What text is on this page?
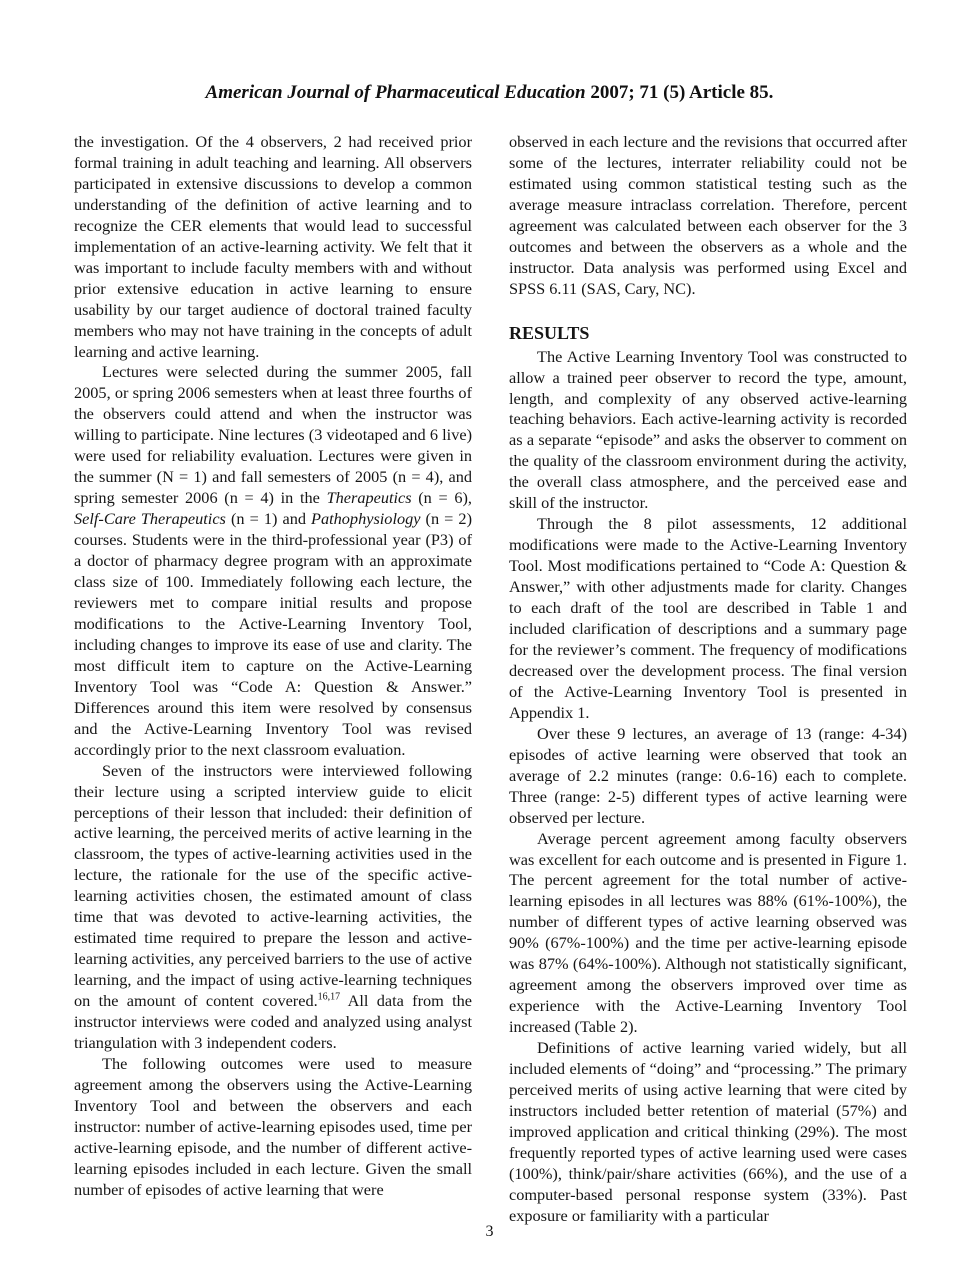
American Journal of Pharmaceutical Education 2007; 71 (5) Article 85.

the investigation. Of the 4 observers, 2 had received prior formal training in adult teaching and learning. All observers participated in extensive discussions to develop a common understanding of the definition of active learning and to recognize the CER elements that would lead to successful implementation of an active-learning activity. We felt that it was important to include faculty members with and without prior extensive education in active learning to ensure usability by our target audience of doctoral trained faculty members who may not have training in the concepts of adult learning and active learning.

Lectures were selected during the summer 2005, fall 2005, or spring 2006 semesters when at least three fourths of the observers could attend and when the instructor was willing to participate. Nine lectures (3 videotaped and 6 live) were used for reliability evaluation. Lectures were given in the summer (N = 1) and fall semesters of 2005 (n = 4), and spring semester 2006 (n = 4) in the Therapeutics (n = 6), Self-Care Therapeutics (n = 1) and Pathophysiology (n = 2) courses. Students were in the third-professional year (P3) of a doctor of pharmacy degree program with an approximate class size of 100. Immediately following each lecture, the reviewers met to compare initial results and propose modifications to the Active-Learning Inventory Tool, including changes to improve its ease of use and clarity. The most difficult item to capture on the Active-Learning Inventory Tool was “Code A: Question & Answer.” Differences around this item were resolved by consensus and the Active-Learning Inventory Tool was revised accordingly prior to the next classroom evaluation.

Seven of the instructors were interviewed following their lecture using a scripted interview guide to elicit perceptions of their lesson that included: their definition of active learning, the perceived merits of active learning in the classroom, the types of active-learning activities used in the lecture, the rationale for the use of the specific active-learning activities chosen, the estimated amount of class time that was devoted to active-learning activities, the estimated time required to prepare the lesson and active-learning activities, any perceived barriers to the use of active learning, and the impact of using active-learning techniques on the amount of content covered.$^{16,17}$ All data from the instructor interviews were coded and analyzed using analyst triangulation with 3 independent coders.

The following outcomes were used to measure agreement among the observers using the Active-Learning Inventory Tool and between the observers and each instructor: number of active-learning episodes used, time per active-learning episode, and the number of different active-learning episodes included in each lecture. Given the small number of episodes of active learning that were

observed in each lecture and the revisions that occurred after some of the lectures, interrater reliability could not be estimated using common statistical testing such as the average measure intraclass correlation. Therefore, percent agreement was calculated between each observer for the 3 outcomes and between the observers as a whole and the instructor. Data analysis was performed using Excel and SPSS 6.11 (SAS, Cary, NC).

RESULTS

The Active Learning Inventory Tool was constructed to allow a trained peer observer to record the type, amount, length, and complexity of any observed active-learning teaching behaviors. Each active-learning activity is recorded as a separate “episode” and asks the observer to comment on the quality of the classroom environment during the activity, the overall class atmosphere, and the perceived ease and skill of the instructor.

Through the 8 pilot assessments, 12 additional modifications were made to the Active-Learning Inventory Tool. Most modifications pertained to “Code A: Question & Answer,” with other adjustments made for clarity. Changes to each draft of the tool are described in Table 1 and included clarification of descriptions and a summary page for the reviewer’s comment. The frequency of modifications decreased over the development process. The final version of the Active-Learning Inventory Tool is presented in Appendix 1.

Over these 9 lectures, an average of 13 (range: 4-34) episodes of active learning were observed that took an average of 2.2 minutes (range: 0.6-16) each to complete. Three (range: 2-5) different types of active learning were observed per lecture.

Average percent agreement among faculty observers was excellent for each outcome and is presented in Figure 1. The percent agreement for the total number of active-learning episodes in all lectures was 88% (61%-100%), the number of different types of active learning observed was 90% (67%-100%) and the time per active-learning episode was 87% (64%-100%). Although not statistically significant, agreement among the observers improved over time as experience with the Active-Learning Inventory Tool increased (Table 2).

Definitions of active learning varied widely, but all included elements of “doing” and “processing.” The primary perceived merits of using active learning that were cited by instructors included better retention of material (57%) and improved application and critical thinking (29%). The most frequently reported types of active learning used were cases (100%), think/pair/share activities (66%), and the use of a computer-based personal response system (33%). Past exposure or familiarity with a particular

3
